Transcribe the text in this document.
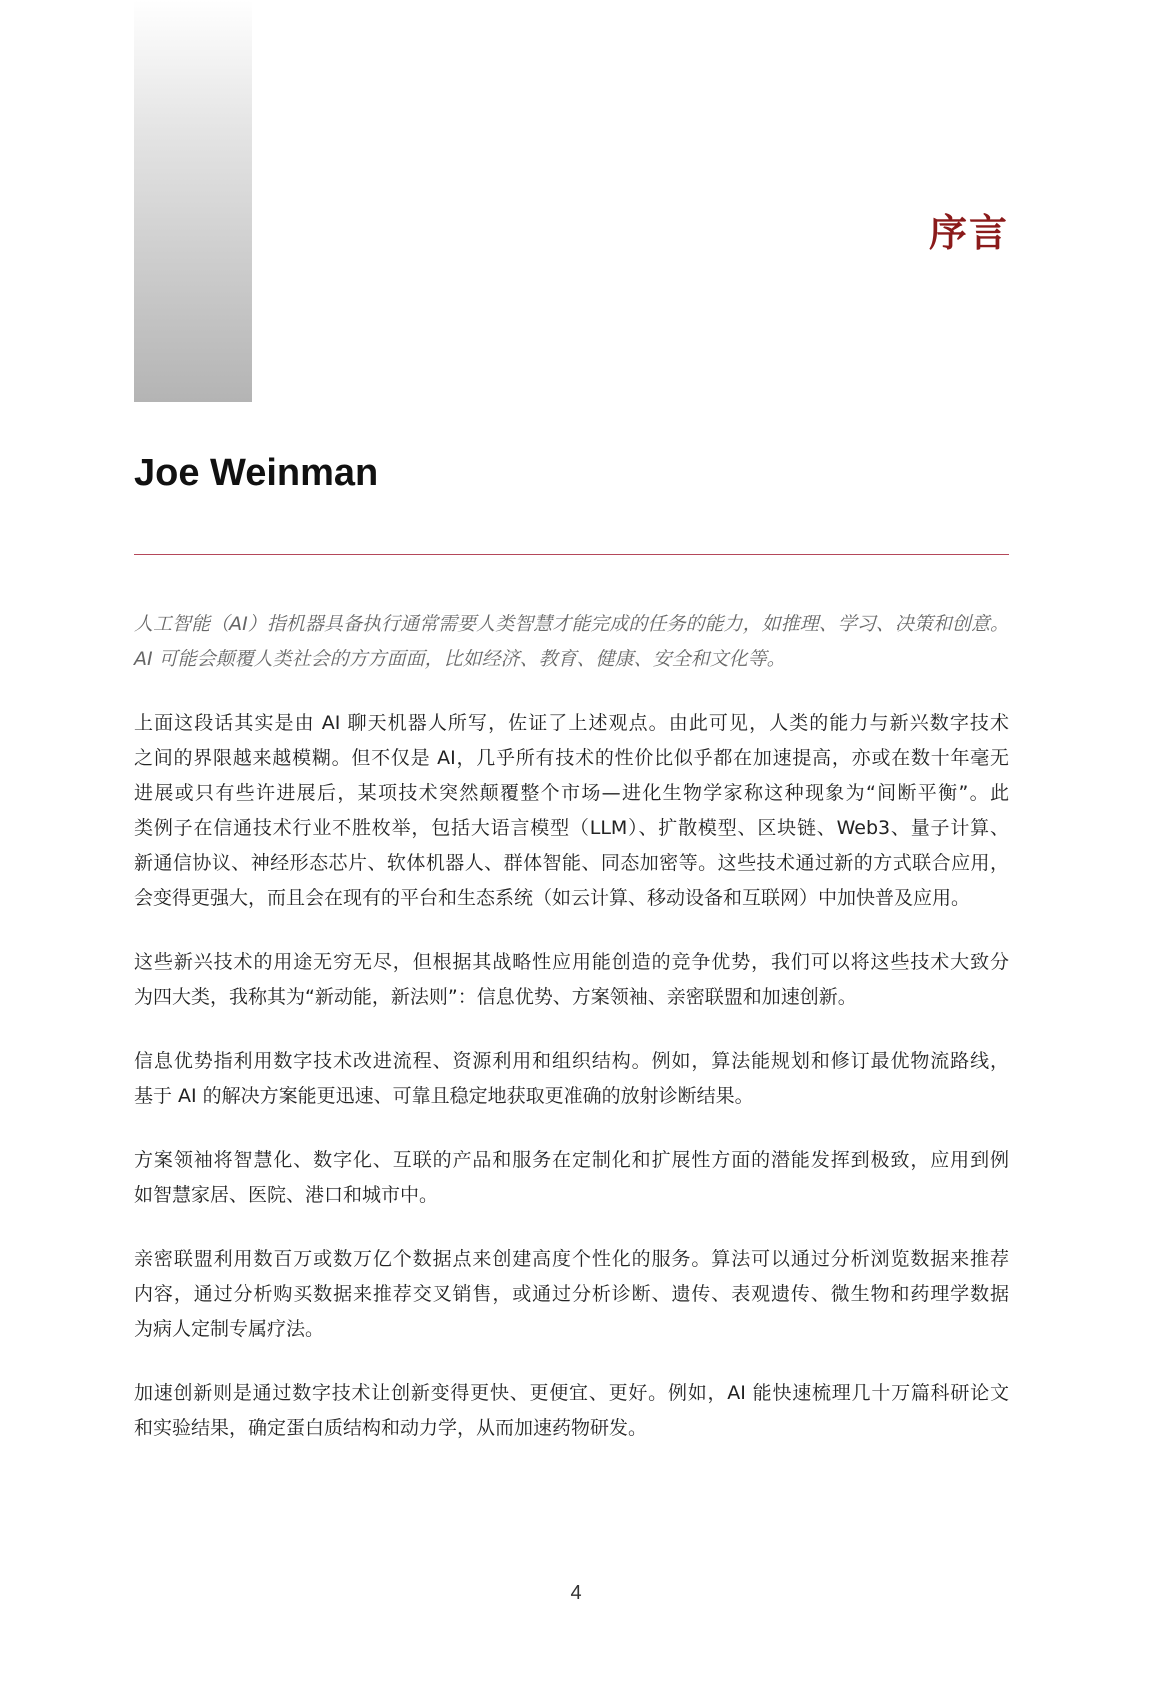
序言
Joe Weinman
人工智能（AI）指机器具备执行通常需要人类智慧才能完成的任务的能力，如推理、学习、决策和创意。
AI 可能会颠覆人类社会的方方面面，比如经济、教育、健康、安全和文化等。
上面这段话其实是由 AI 聊天机器人所写，佐证了上述观点。由此可见，人类的能力与新兴数字技术
之间的界限越来越模糊。但不仅是 AI，几乎所有技术的性价比似乎都在加速提高，亦或在数十年毫无
进展或只有些许进展后，某项技术突然颠覆整个市场—进化生物学家称这种现象为“间断平衡”。此
类例子在信通技术行业不胜枚举，包括大语言模型（LLM）、扩散模型、区块链、Web3、量子计算、
新通信协议、神经形态芯片、软体机器人、群体智能、同态加密等。这些技术通过新的方式联合应用，
会变得更强大，而且会在现有的平台和生态系统（如云计算、移动设备和互联网）中加快普及应用。
这些新兴技术的用途无穷无尽，但根据其战略性应用能创造的竞争优势，我们可以将这些技术大致分
为四大类，我称其为“新动能，新法则”：信息优势、方案领袖、亲密联盟和加速创新。
信息优势指利用数字技术改进流程、资源利用和组织结构。例如，算法能规划和修订最优物流路线，
基于 AI 的解决方案能更迅速、可靠且稳定地获取更准确的放射诊断结果。
方案领袖将智慧化、数字化、互联的产品和服务在定制化和扩展性方面的潜能发挥到极致，应用到例
如智慧家居、医院、港口和城市中。
亲密联盟利用数百万或数万亿个数据点来创建高度个性化的服务。算法可以通过分析浏览数据来推荐
内容，通过分析购买数据来推荐交叉销售，或通过分析诊断、遗传、表观遗传、微生物和药理学数据
为病人定制专属疗法。
加速创新则是通过数字技术让创新变得更快、更便宜、更好。例如，AI 能快速梳理几十万篇科研论文
和实验结果，确定蛋白质结构和动力学，从而加速药物研发。
4
